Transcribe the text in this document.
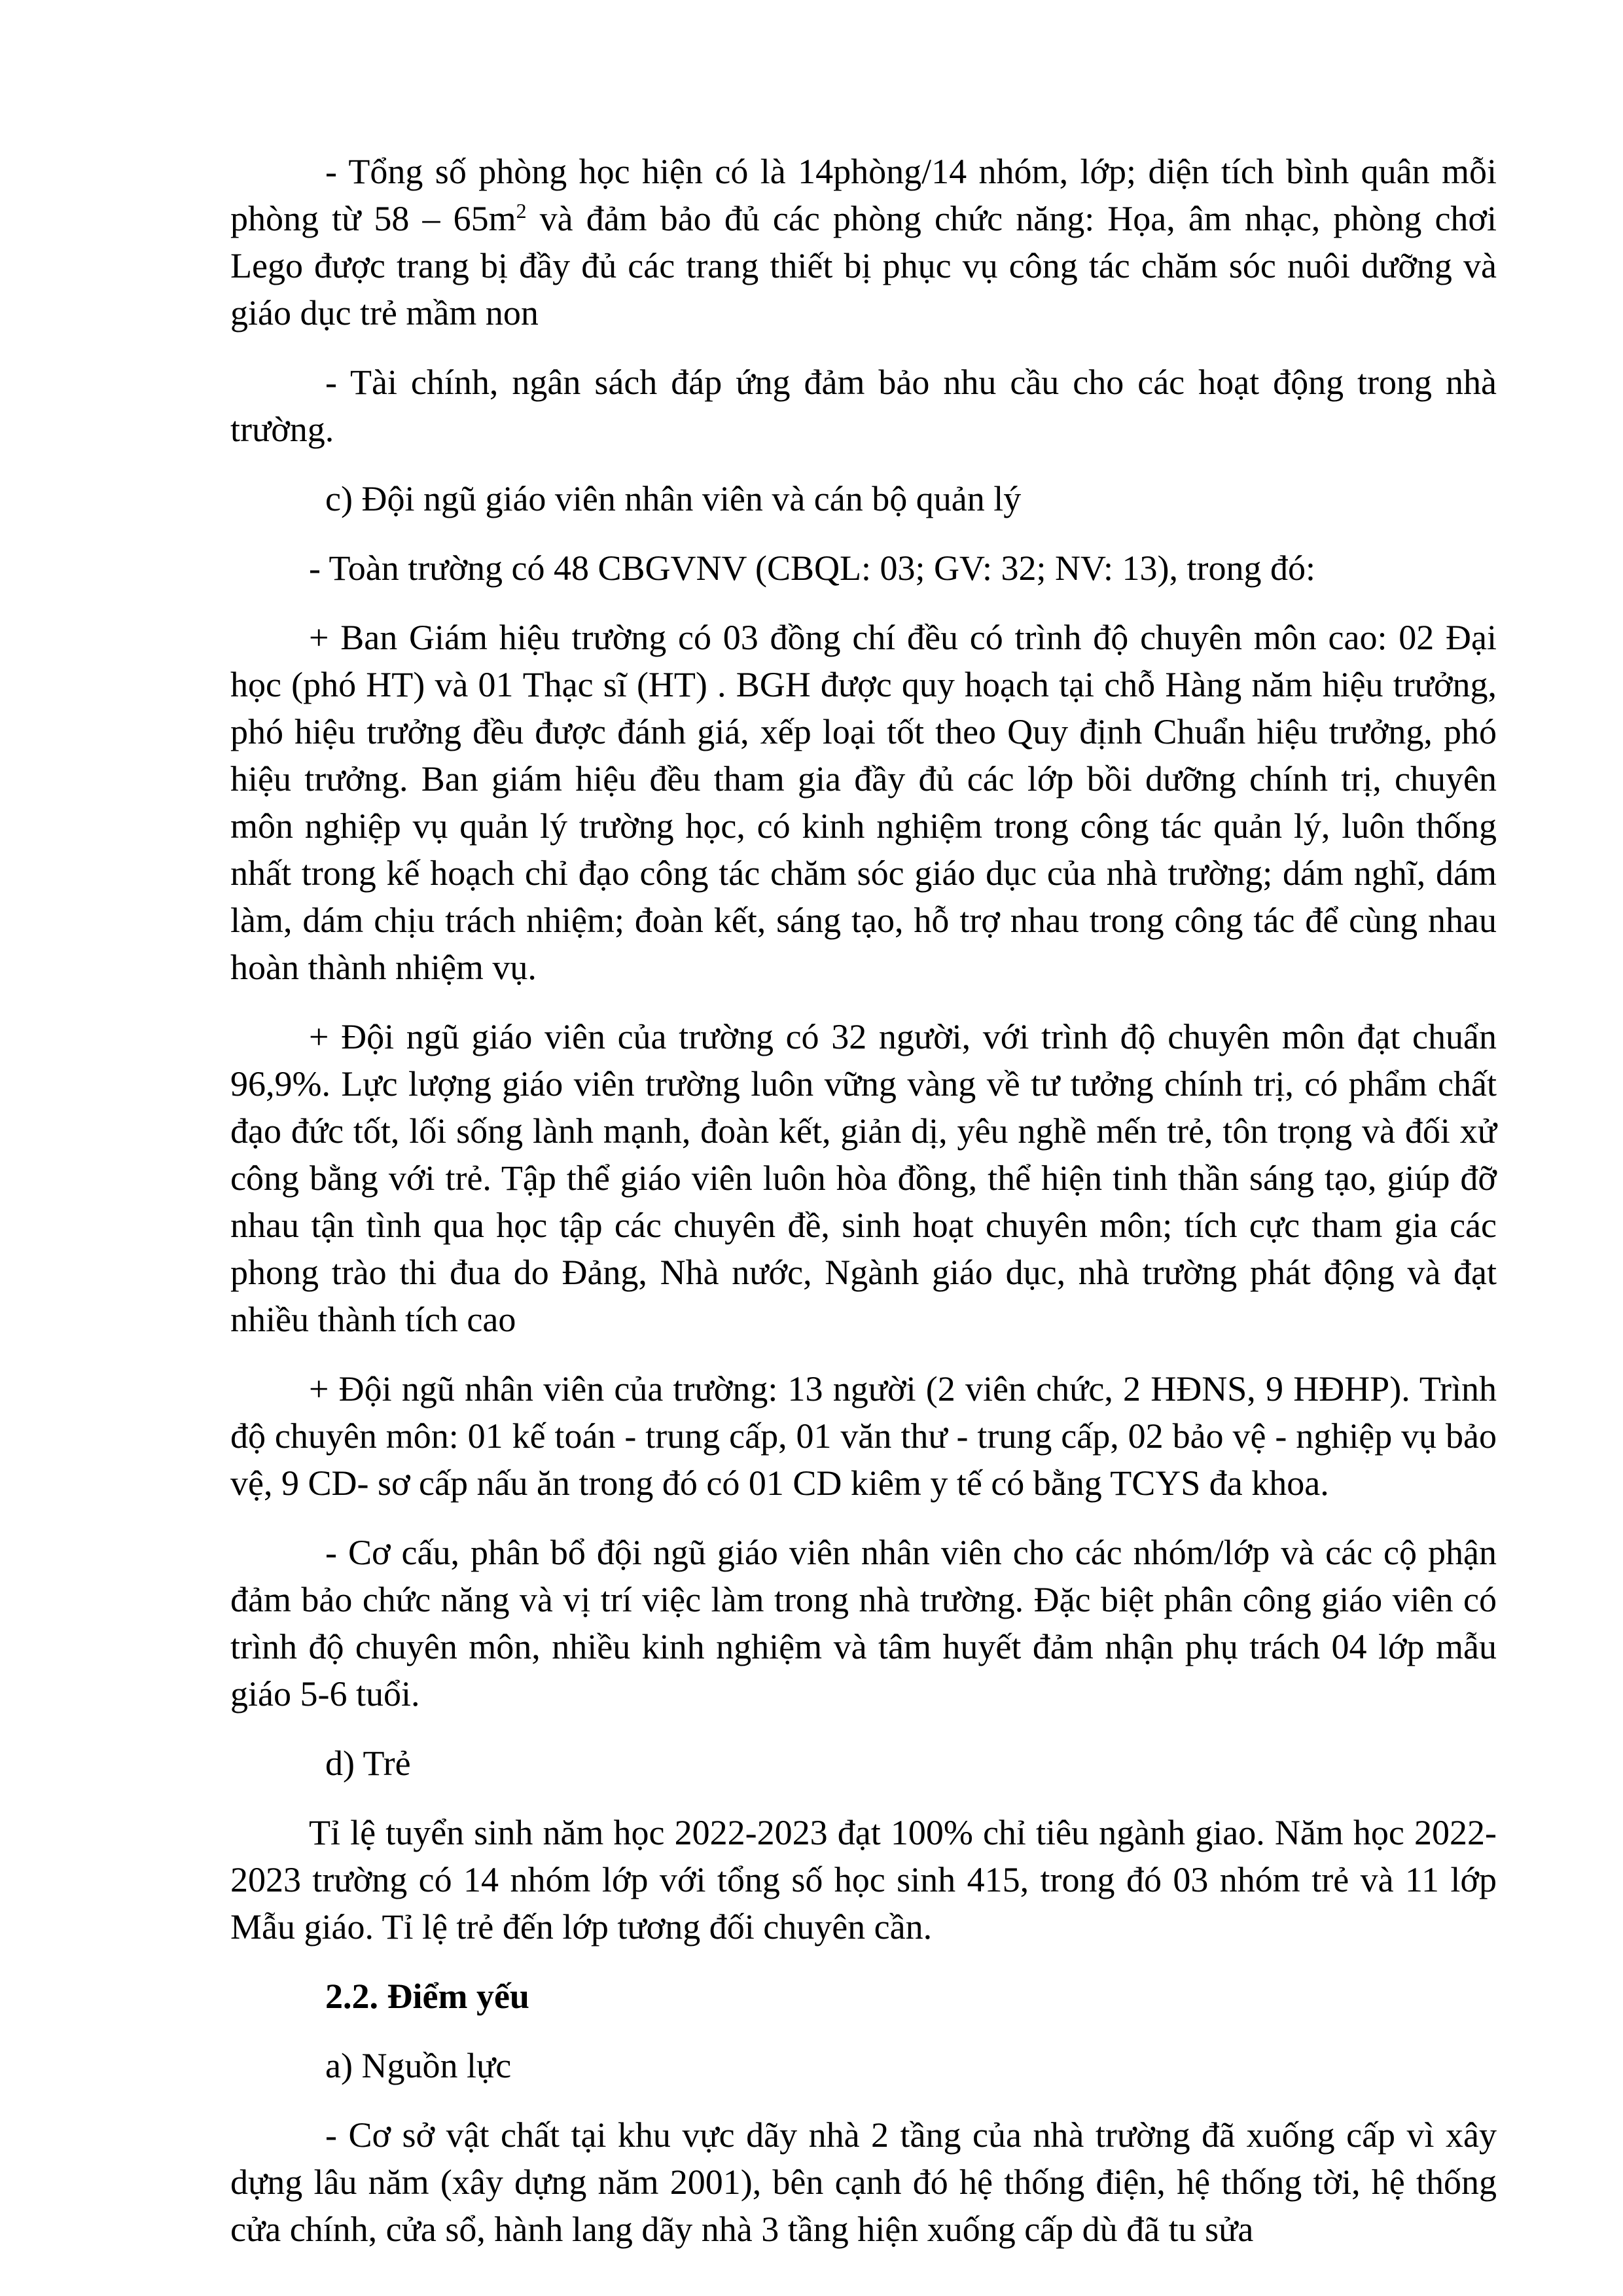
- Tổng số phòng học hiện có là 14phòng/14 nhóm, lớp; diện tích bình quân mỗi phòng từ $58 - 65m^2$ và đảm bảo đủ các phòng chức năng: Họa, âm nhạc, phòng chơi Lego được trang bị đầy đủ các trang thiết bị phục vụ công tác chăm sóc nuôi dưỡng và giáo dục trẻ mầm non

- Tài chính, ngân sách đáp ứng đảm bảo nhu cầu cho các hoạt động trong nhà trường.

c) Đội ngũ giáo viên nhân viên và cán bộ quản lý

- Toàn trường có 48 CBGVNV (CBQL: 03; GV: 32; NV: 13), trong đó:

+ Ban Giám hiệu trường có 03 đồng chí đều có trình độ chuyên môn cao: 02 Đại học (phó HT) và 01 Thạc sĩ (HT) . BGH được quy hoạch tại chỗ Hàng năm hiệu trưởng, phó hiệu trưởng đều được đánh giá, xếp loại tốt theo Quy định Chuẩn hiệu trưởng, phó hiệu trưởng. Ban giám hiệu đều tham gia đầy đủ các lớp bồi dưỡng chính trị, chuyên môn nghiệp vụ quản lý trường học, có kinh nghiệm trong công tác quản lý, luôn thống nhất trong kế hoạch chỉ đạo công tác chăm sóc giáo dục của nhà trường; dám nghĩ, dám làm, dám chịu trách nhiệm; đoàn kết, sáng tạo, hỗ trợ nhau trong công tác để cùng nhau hoàn thành nhiệm vụ.

+ Đội ngũ giáo viên của trường có 32 người, với trình độ chuyên môn đạt chuẩn 96,9%. Lực lượng giáo viên trường luôn vững vàng về tư tưởng chính trị, có phẩm chất đạo đức tốt, lối sống lành mạnh, đoàn kết, giản dị, yêu nghề mến trẻ, tôn trọng và đối xử công bằng với trẻ. Tập thể giáo viên luôn hòa đồng, thể hiện tinh thần sáng tạo, giúp đỡ nhau tận tình qua học tập các chuyên đề, sinh hoạt chuyên môn; tích cực tham gia các phong trào thi đua do Đảng, Nhà nước, Ngành giáo dục, nhà trường phát động và đạt nhiều thành tích cao

+ Đội ngũ nhân viên của trường: 13 người (2 viên chức, 2 HĐNS, 9 HĐHP). Trình độ chuyên môn: 01 kế toán - trung cấp, 01 văn thư - trung cấp, 02 bảo vệ - nghiệp vụ bảo vệ, 9 CD- sơ cấp nấu ăn trong đó có 01 CD kiêm y tế có bằng TCYS đa khoa.

- Cơ cấu, phân bổ đội ngũ giáo viên nhân viên cho các nhóm/lớp và các cộ phận đảm bảo chức năng và vị trí việc làm trong nhà trường. Đặc biệt phân công giáo viên có trình độ chuyên môn, nhiều kinh nghiệm và tâm huyết đảm nhận phụ trách 04 lớp mẫu giáo 5-6 tuổi.

d) Trẻ

Tỉ lệ tuyển sinh năm học 2022-2023 đạt 100% chỉ tiêu ngành giao. Năm học 2022-2023 trường có 14 nhóm lớp với tổng số học sinh 415, trong đó 03 nhóm trẻ và 11 lớp Mẫu giáo. Tỉ lệ trẻ đến lớp tương đối chuyên cần.

2.2. Điểm yếu

a) Nguồn lực

- Cơ sở vật chất tại khu vực dãy nhà 2 tầng của nhà trường đã xuống cấp vì xây dựng lâu năm (xây dựng năm 2001), bên cạnh đó hệ thống điện, hệ thống tời, hệ thống cửa chính, cửa sổ, hành lang dãy nhà 3 tầng hiện xuống cấp dù đã tu sửa
